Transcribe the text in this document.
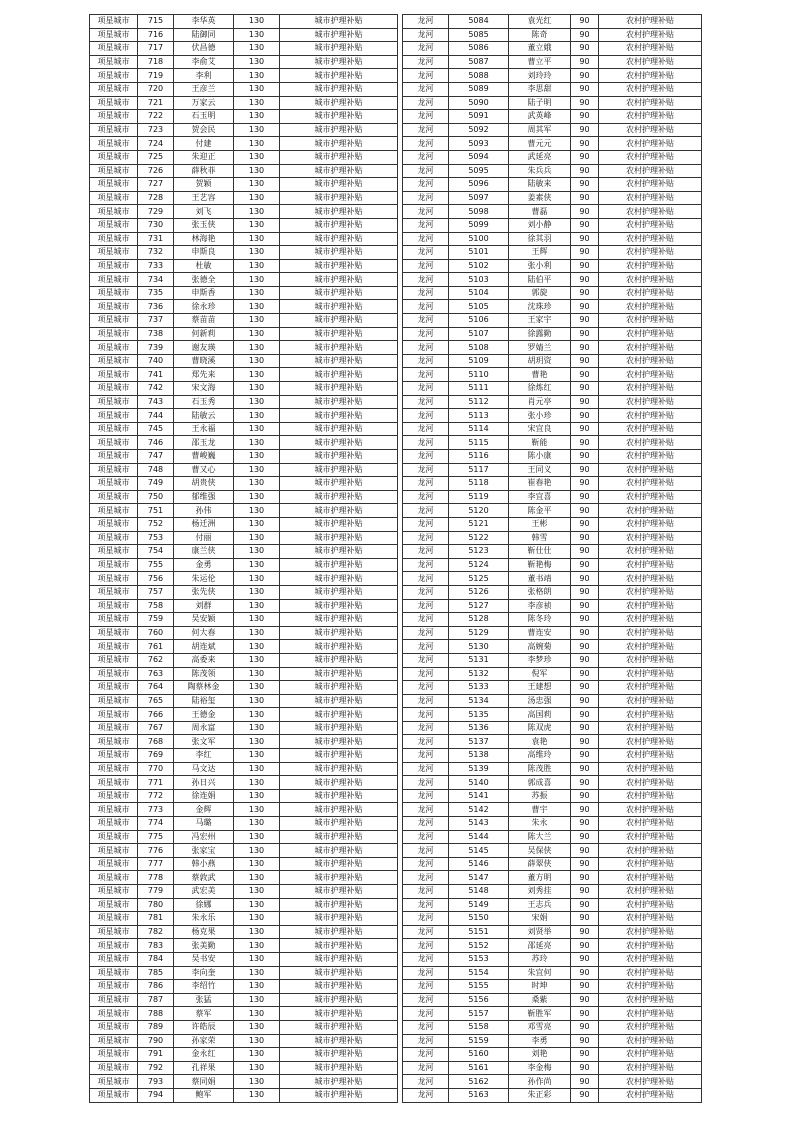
项星城市	715	李华英	130	城市护理补贴
项星城市	716	陆御同	130	城市护理补贴
项星城市	717	伏昌德	130	城市护理补贴
项星城市	718	李俞艾	130	城市护理补贴
项星城市	719	李利	130	城市护理补贴
项星城市	720	王彦兰	130	城市护理补贴
项星城市	721	万家云	130	城市护理补贴
项星城市	722	石玉明	130	城市护理补贴
项星城市	723	贺会民	130	城市护理补贴
项星城市	724	付建	130	城市护理补贴
项星城市	725	朱迎正	130	城市护理补贴
项星城市	726	薛秋菲	130	城市护理补贴
项星城市	727	贺颖	130	城市护理补贴
项星城市	728	王艺容	130	城市护理补贴
项星城市	729	刘飞	130	城市护理补贴
项星城市	730	张玉侠	130	城市护理补贴
项星城市	731	林海艳	130	城市护理补贴
项星城市	732	申斯良	130	城市护理补贴
项星城市	733	杜敏	130	城市护理补贴
项星城市	734	张德全	130	城市护理补贴
项星城市	735	申斯香	130	城市护理补贴
项星城市	736	徐永珍	130	城市护理补贴
项星城市	737	蔡苗苗	130	城市护理补贴
项星城市	738	何新莉	130	城市护理补贴
项星城市	739	谢友瑛	130	城市护理补贴
项星城市	740	曹晓溪	130	城市护理补贴
项星城市	741	郑先来	130	城市护理补贴
项星城市	742	宋文海	130	城市护理补贴
项星城市	743	石玉秀	130	城市护理补贴
项星城市	744	陆敏云	130	城市护理补贴
项星城市	745	王永福	130	城市护理补贴
项星城市	746	邵玉龙	130	城市护理补贴
项星城市	747	曹峻巍	130	城市护理补贴
项星城市	748	曹又心	130	城市护理补贴
项星城市	749	胡贵侠	130	城市护理补贴
项星城市	750	郁维强	130	城市护理补贴
项星城市	751	孙伟	130	城市护理补贴
项星城市	752	杨迁洲	130	城市护理补贴
项星城市	753	付丽	130	城市护理补贴
项星城市	754	康兰侠	130	城市护理补贴
项星城市	755	金勇	130	城市护理补贴
项星城市	756	朱运伦	130	城市护理补贴
项星城市	757	张先侠	130	城市护理补贴
项星城市	758	刘群	130	城市护理补贴
项星城市	759	吴安颖	130	城市护理补贴
项星城市	760	何大春	130	城市护理补贴
项星城市	761	胡连斌	130	城市护理补贴
项星城市	762	高委来	130	城市护理补贴
项星城市	763	陈茂领	130	城市护理补贴
项星城市	764	陶蔡林金	130	城市护理补贴
项星城市	765	陆裕玺	130	城市护理补贴
项星城市	766	王德金	130	城市护理补贴
项星城市	767	周永富	130	城市护理补贴
项星城市	768	张文军	130	城市护理补贴
项星城市	769	李红	130	城市护理补贴
项星城市	770	马文达	130	城市护理补贴
项星城市	771	孙日兴	130	城市护理补贴
项星城市	772	徐连娟	130	城市护理补贴
项星城市	773	金辉	130	城市护理补贴
项星城市	774	马璐	130	城市护理补贴
项星城市	775	冯宏州	130	城市护理补贴
项星城市	776	张家宝	130	城市护理补贴
项星城市	777	韩小燕	130	城市护理补贴
项星城市	778	蔡敦武	130	城市护理补贴
项星城市	779	武宏美	130	城市护理补贴
项星城市	780	徐娜	130	城市护理补贴
项星城市	781	朱永乐	130	城市护理补贴
项星城市	782	杨克果	130	城市护理补贴
项星城市	783	张美勤	130	城市护理补贴
项星城市	784	吴书安	130	城市护理补贴
项星城市	785	李向奎	130	城市护理补贴
项星城市	786	李绍竹	130	城市护理补贴
项星城市	787	张猛	130	城市护理补贴
项星城市	788	蔡军	130	城市护理补贴
项星城市	789	许皓辰	130	城市护理补贴
项星城市	790	孙家荣	130	城市护理补贴
项星城市	791	金永红	130	城市护理补贴
项星城市	792	孔祥果	130	城市护理补贴
项星城市	793	蔡同娟	130	城市护理补贴
项星城市	794	鲍军	130	城市护理补贴
龙河	5084	袁光红	90	农村护理补贴
龙河	5085	陈奇	90	农村护理补贴
龙河	5086	董立娥	90	农村护理补贴
龙河	5087	曹立平	90	农村护理补贴
龙河	5088	刘玲玲	90	农村护理补贴
龙河	5089	李思甜	90	农村护理补贴
龙河	5090	陆子明	90	农村护理补贴
龙河	5091	武英峰	90	农村护理补贴
龙河	5092	周其军	90	农村护理补贴
龙河	5093	曹元元	90	农村护理补贴
龙河	5094	武延亮	90	农村护理补贴
龙河	5095	朱兵兵	90	农村护理补贴
龙河	5096	陆敏来	90	农村护理补贴
龙河	5097	姜素侠	90	农村护理补贴
龙河	5098	曹磊	90	农村护理补贴
龙河	5099	刘小静	90	农村护理补贴
龙河	5100	徐其羽	90	农村护理补贴
龙河	5101	王辉	90	农村护理补贴
龙河	5102	张小利	90	农村护理补贴
龙河	5103	陆伯平	90	农村护理补贴
龙河	5104	郭旋	90	农村护理补贴
龙河	5105	沈珠珍	90	农村护理补贴
龙河	5106	王家宇	90	农村护理补贴
龙河	5107	徐露勤	90	农村护理补贴
龙河	5108	罗婧兰	90	农村护理补贴
龙河	5109	胡玥资	90	农村护理补贴
龙河	5110	曹艳	90	农村护理补贴
龙河	5111	徐炼红	90	农村护理补贴
龙河	5112	肖元亭	90	农村护理补贴
龙河	5113	张小珍	90	农村护理补贴
龙河	5114	宋宜良	90	农村护理补贴
龙河	5115	靳能	90	农村护理补贴
龙河	5116	陈小康	90	农村护理补贴
龙河	5117	王同义	90	农村护理补贴
龙河	5118	崔春艳	90	农村护理补贴
龙河	5119	李宜喜	90	农村护理补贴
龙河	5120	陈金平	90	农村护理补贴
龙河	5121	王彬	90	农村护理补贴
龙河	5122	韩雪	90	农村护理补贴
龙河	5123	靳仕仕	90	农村护理补贴
龙河	5124	靳艳梅	90	农村护理补贴
龙河	5125	董书靖	90	农村护理补贴
龙河	5126	张格朗	90	农村护理补贴
龙河	5127	李彦祯	90	农村护理补贴
龙河	5128	陈冬玲	90	农村护理补贴
龙河	5129	曹连安	90	农村护理补贴
龙河	5130	高婉菊	90	农村护理补贴
龙河	5131	李梦珍	90	农村护理补贴
龙河	5132	倪军	90	农村护理补贴
龙河	5133	王建想	90	农村护理补贴
龙河	5134	汤忠强	90	农村护理补贴
龙河	5135	高国莉	90	农村护理补贴
龙河	5136	陈双虎	90	农村护理补贴
龙河	5137	袁艳	90	农村护理补贴
龙河	5138	高维玲	90	农村护理补贴
龙河	5139	陈茂胜	90	农村护理补贴
龙河	5140	郭成喜	90	农村护理补贴
龙河	5141	苏振	90	农村护理补贴
龙河	5142	曹宇	90	农村护理补贴
龙河	5143	朱永	90	农村护理补贴
龙河	5144	陈大兰	90	农村护理补贴
龙河	5145	吴保侠	90	农村护理补贴
龙河	5146	薛翠侠	90	农村护理补贴
龙河	5147	董方明	90	农村护理补贴
龙河	5148	刘秀挂	90	农村护理补贴
龙河	5149	王志兵	90	农村护理补贴
龙河	5150	宋娟	90	农村护理补贴
龙河	5151	刘贤举	90	农村护理补贴
龙河	5152	邵延亮	90	农村护理补贴
龙河	5153	苏玲	90	农村护理补贴
龙河	5154	朱宜何	90	农村护理补贴
龙河	5155	时坤	90	农村护理补贴
龙河	5156	桑紫	90	农村护理补贴
龙河	5157	靳胜军	90	农村护理补贴
龙河	5158	邓雪亮	90	农村护理补贴
龙河	5159	李勇	90	农村护理补贴
龙河	5160	刘艳	90	农村护理补贴
龙河	5161	李金梅	90	农村护理补贴
龙河	5162	孙作尚	90	农村护理补贴
龙河	5163	朱正彩	90	农村护理补贴
